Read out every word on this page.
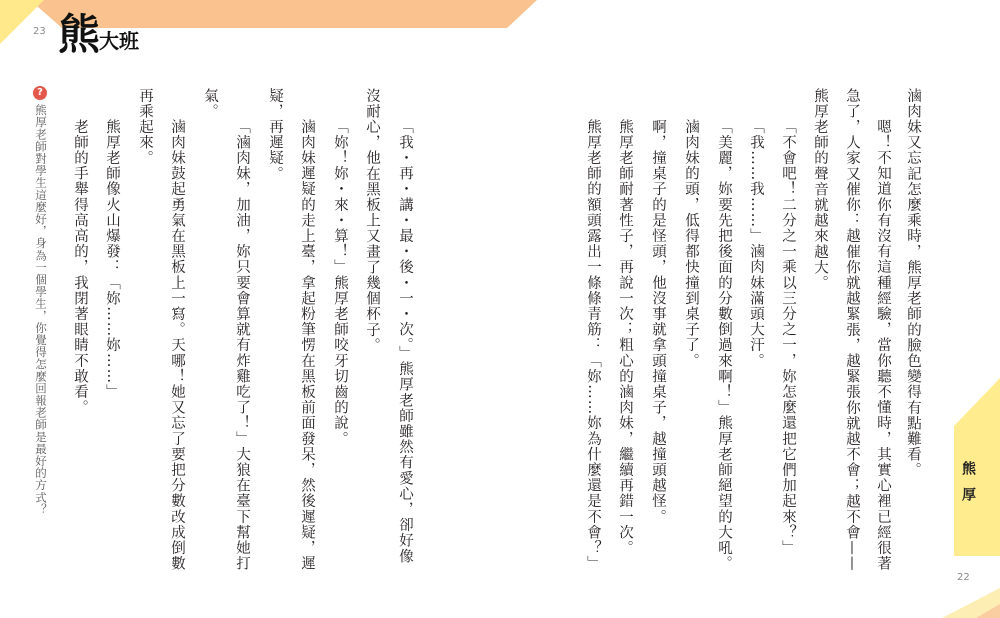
23 熊
大班
熊厚
22
滷肉妹又忘記怎麼乘時，熊厚老師的臉色變得有點難看。
嗯！不知道你有沒有這種經驗，當你聽不懂時，其實心裡已經很著
急了，人家又催你：越催你就越緊張，越緊張你就越不會；越不會——
熊厚老師的聲音就越來越大。
「不會吧！二分之一乘以三分之一，妳怎麼還把它們加起來？」
「我……我……」滷肉妹滿頭大汗。
「美麗，妳要先把後面的分數倒過來啊！」熊厚老師絕望的大吼。
滷肉妹的頭，低得都快撞到桌子了。
啊，撞桌子的是怪頭，他沒事就拿頭撞桌子，越撞頭越怪。
熊厚老師耐著性子，再說一次；粗心的滷肉妹，繼續再錯一次。
熊厚老師的額頭露出一條條青筋：「妳……妳為什麼還是不會？」
「我・再・講・最・後・一・次。」熊厚老師雖然有愛心，卻好像
沒耐心，他在黑板上又畫了幾個杯子。
「妳！妳・來・算！」熊厚老師咬牙切齒的說。
滷肉妹遲疑的走上臺，拿起粉筆愣在黑板前面發呆，然後遲疑，遲
疑，再遲疑。
「滷肉妹，加油，妳只要會算就有炸雞吃了！」大狼在臺下幫她打
氣。
滷肉妹鼓起勇氣在黑板上一寫。天哪！她又忘了要把分數改成倒數
再乘起來。
熊厚老師像火山爆發：「妳……妳……」
老師的手舉得高高的，我閉著眼睛不敢看。
?
熊厚老師對學生這麼好，身為一個學生，你覺得怎麼回報老師是最好的方式？
